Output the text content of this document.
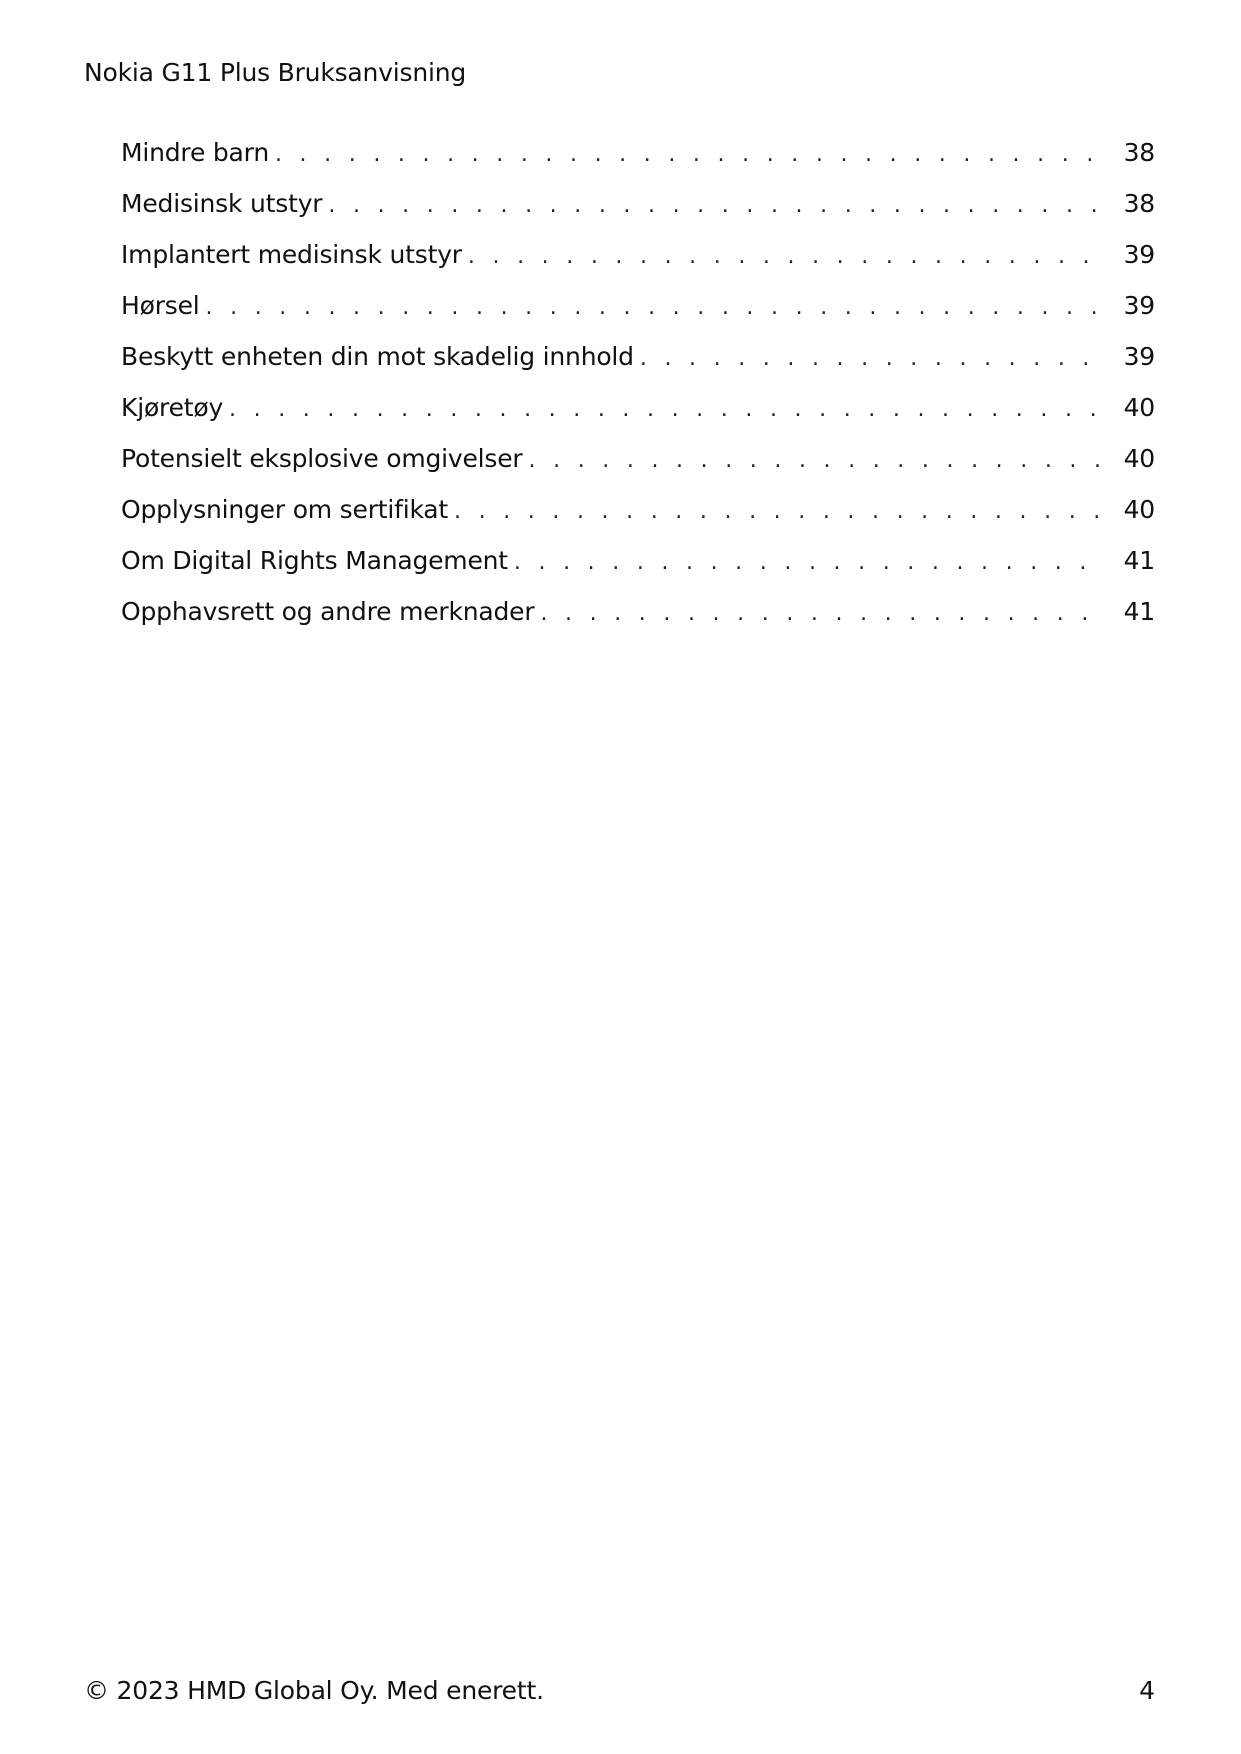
Nokia G11 Plus Bruksanvisning
Mindre barn . . .	38
Medisinsk utstyr . . .	38
Implantert medisinsk utstyr . . .	39
Hørsel . . .	39
Beskytt enheten din mot skadelig innhold . . .	39
Kjøretøy . . .	40
Potensielt eksplosive omgivelser . . .	40
Opplysninger om sertifikat . . .	40
Om Digital Rights Management . . .	41
Opphavsrett og andre merknader . . .	41
© 2023 HMD Global Oy. Med enerett.	4
